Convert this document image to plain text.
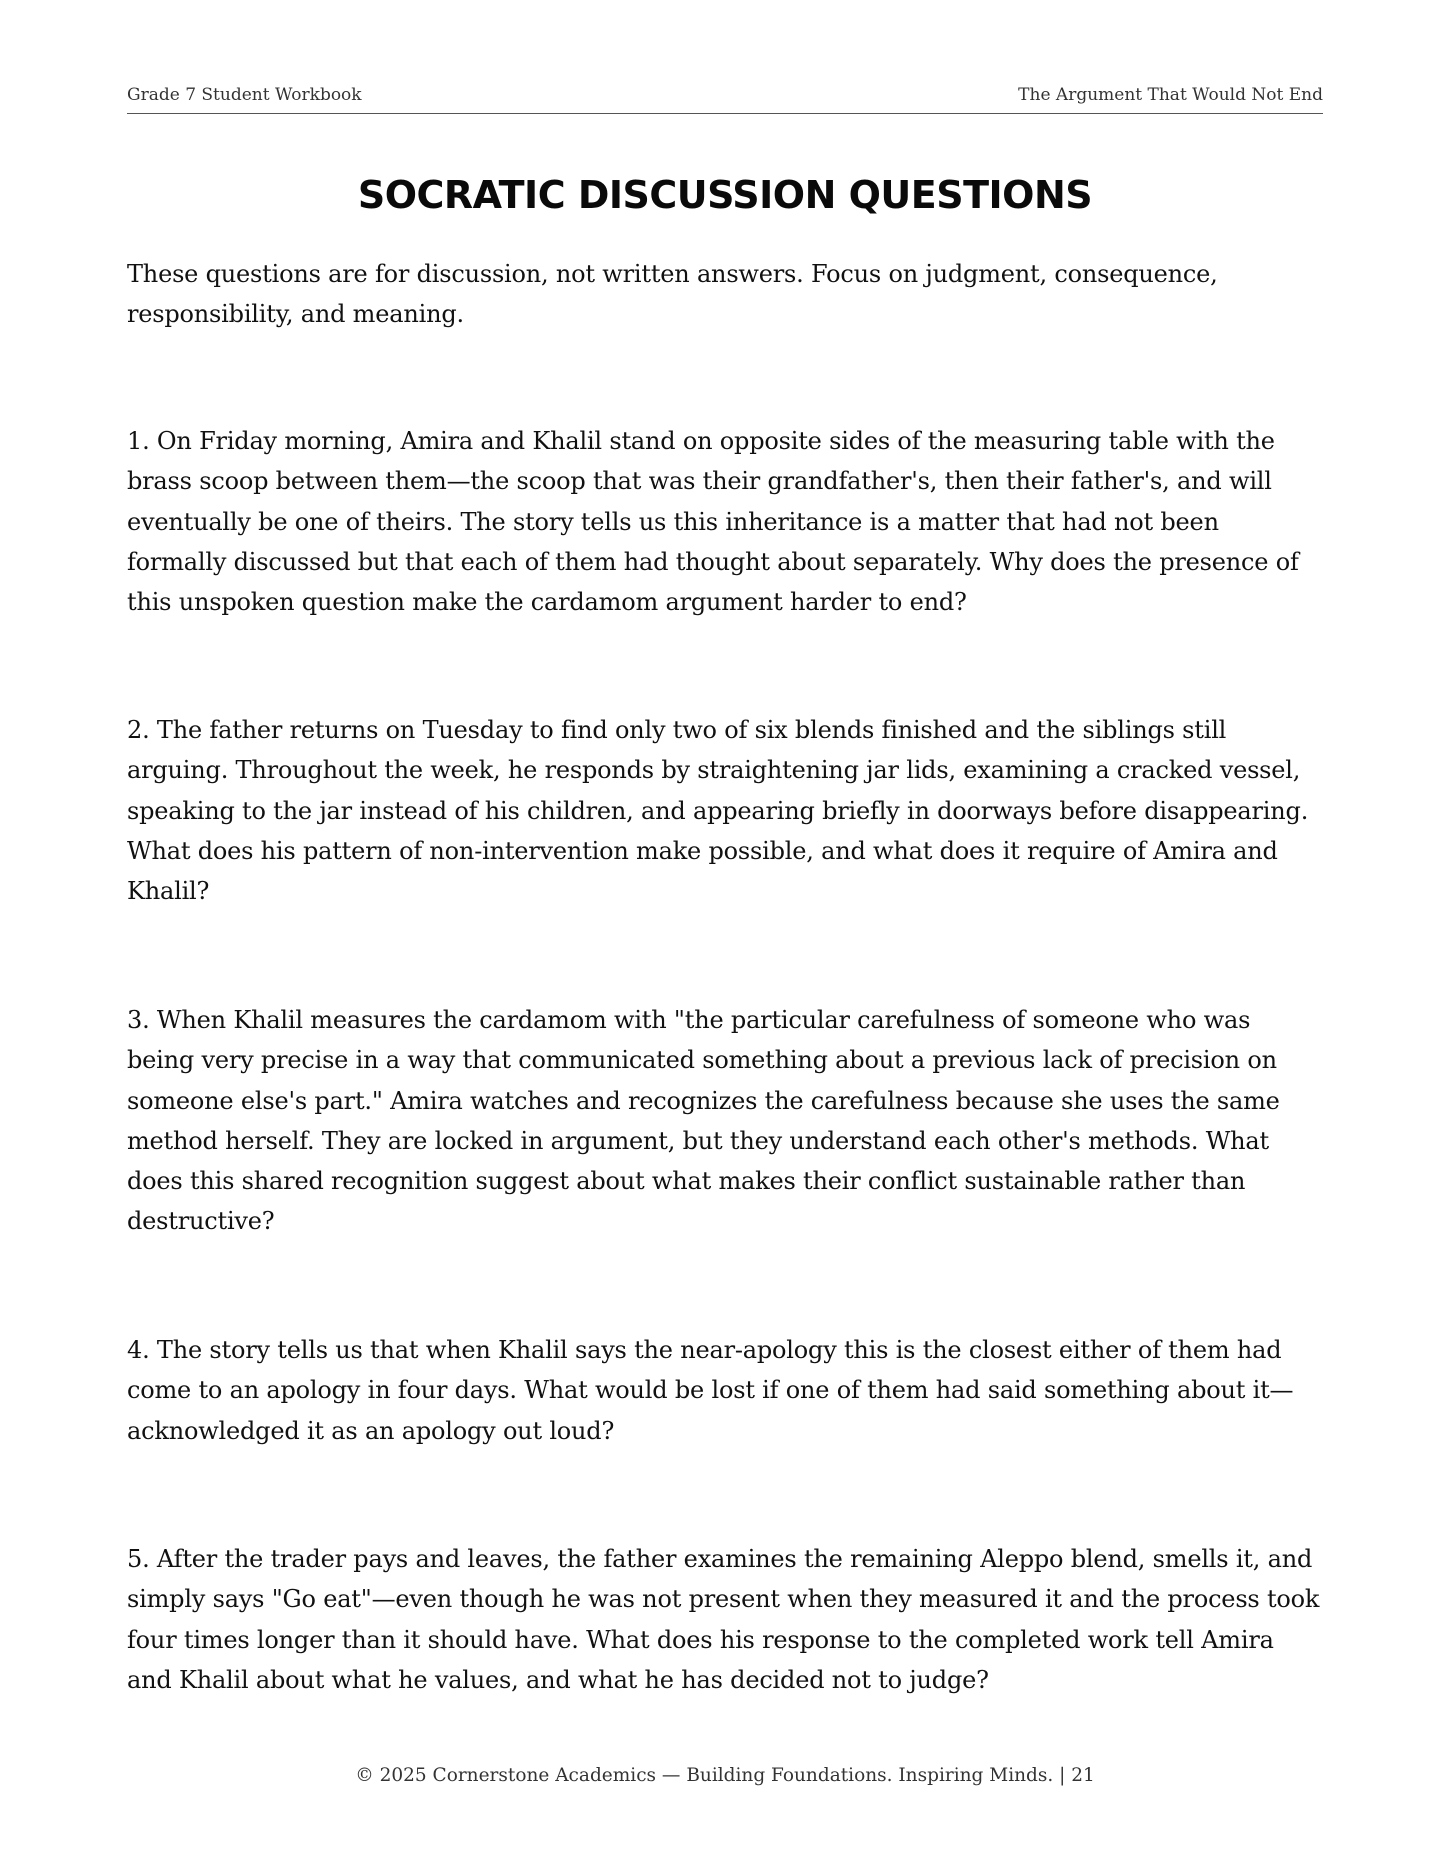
Grade 7 Student Workbook	The Argument That Would Not End
SOCRATIC DISCUSSION QUESTIONS

These questions are for discussion, not written answers. Focus on judgment, consequence, responsibility, and meaning.

1. On Friday morning, Amira and Khalil stand on opposite sides of the measuring table with the brass scoop between them—the scoop that was their grandfather's, then their father's, and will eventually be one of theirs. The story tells us this inheritance is a matter that had not been formally discussed but that each of them had thought about separately. Why does the presence of this unspoken question make the cardamom argument harder to end?

2. The father returns on Tuesday to find only two of six blends finished and the siblings still arguing. Throughout the week, he responds by straightening jar lids, examining a cracked vessel, speaking to the jar instead of his children, and appearing briefly in doorways before disappearing. What does his pattern of non-intervention make possible, and what does it require of Amira and Khalil?

3. When Khalil measures the cardamom with "the particular carefulness of someone who was being very precise in a way that communicated something about a previous lack of precision on someone else's part." Amira watches and recognizes the carefulness because she uses the same method herself. They are locked in argument, but they understand each other's methods. What does this shared recognition suggest about what makes their conflict sustainable rather than destructive?

4. The story tells us that when Khalil says the near-apology this is the closest either of them had come to an apology in four days. What would be lost if one of them had said something about it—acknowledged it as an apology out loud?

5. After the trader pays and leaves, the father examines the remaining Aleppo blend, smells it, and simply says "Go eat"—even though he was not present when they measured it and the process took four times longer than it should have. What does his response to the completed work tell Amira and Khalil about what he values, and what he has decided not to judge?

© 2025 Cornerstone Academics — Building Foundations. Inspiring Minds. | 21
